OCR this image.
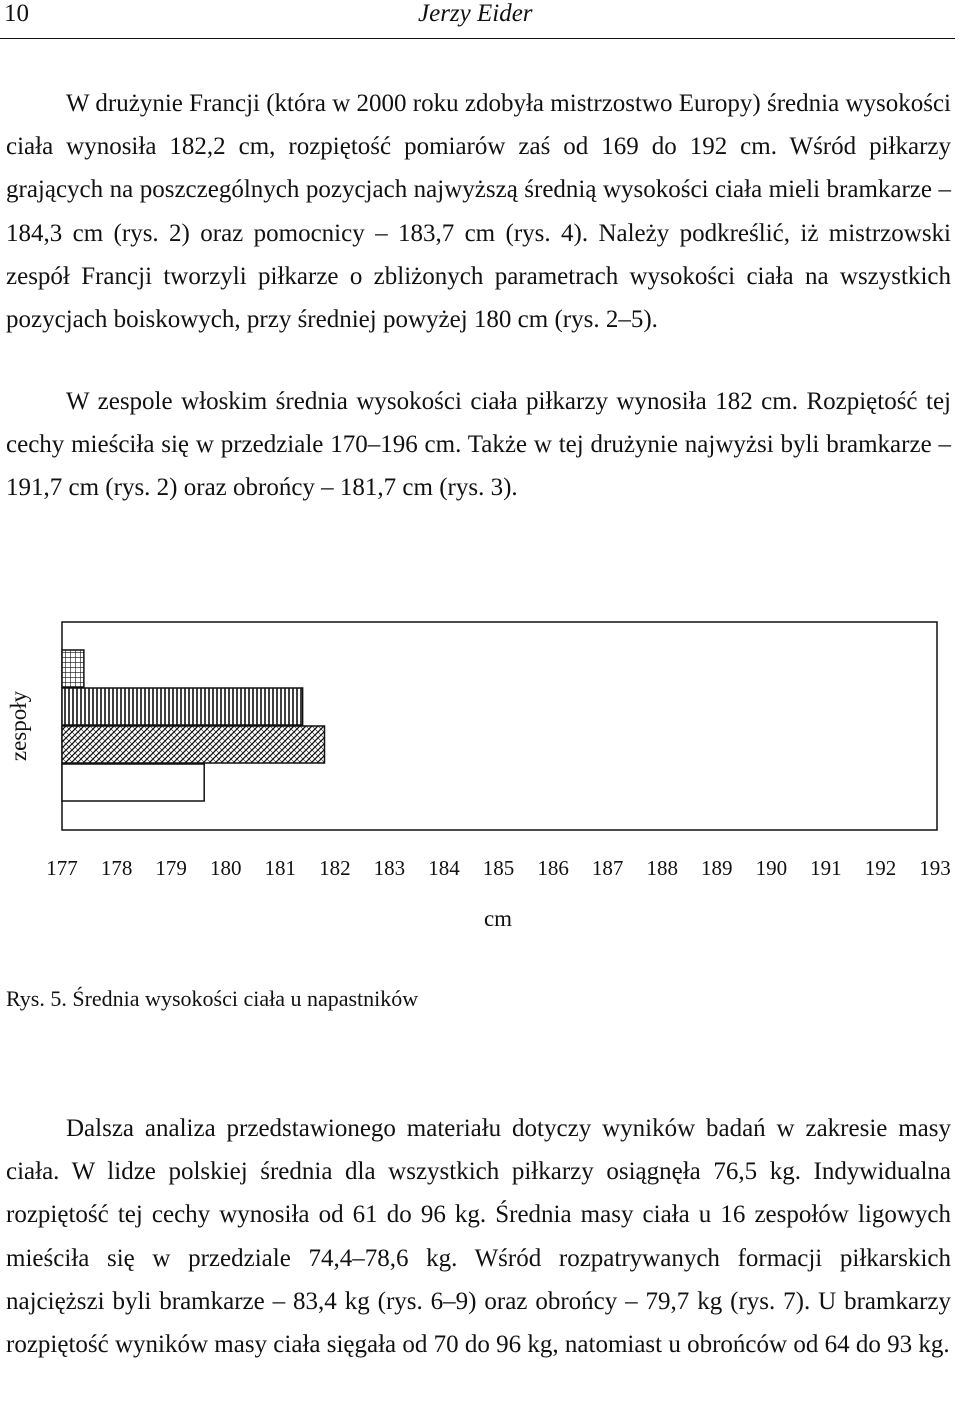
10	Jerzy Eider

W drużynie Francji (która w 2000 roku zdobyła mistrzostwo Europy) średnia wysokości ciała wynosiła 182,2 cm, rozpiętość pomiarów zaś od 169 do 192 cm. Wśród piłkarzy grających na poszczególnych pozycjach najwyższą średnią wysokości ciała mieli bramkarze – 184,3 cm (rys. 2) oraz pomocnicy – 183,7 cm (rys. 4). Należy podkreślić, iż mistrzowski zespół Francji tworzyli piłkarze o zbliżonych parametrach wysokości ciała na wszystkich pozycjach boiskowych, przy średniej powyżej 180 cm (rys. 2–5).

W zespole włoskim średnia wysokości ciała piłkarzy wynosiła 182 cm. Rozpiętość tej cechy mieściła się w przedziale 170–196 cm. Także w tej drużynie najwyżsi byli bramkarze – 191,7 cm (rys. 2) oraz obrońcy – 181,7 cm (rys. 3).

177 178 179 180 181 182 183 184 185 186 187 188 189 190 191 192 193
zespoły
cm
Rys. 5. Średnia wysokości ciała u napastników

Dalsza analiza przedstawionego materiału dotyczy wyników badań w zakresie masy ciała. W lidze polskiej średnia dla wszystkich piłkarzy osiągnęła 76,5 kg. Indywidualna rozpiętość tej cechy wynosiła od 61 do 96 kg. Średnia masy ciała u 16 zespołów ligowych mieściła się w przedziale 74,4–78,6 kg. Wśród rozpatrywanych formacji piłkarskich najcięższi byli bramkarze – 83,4 kg (rys. 6–9) oraz obrońcy – 79,7 kg (rys. 7). U bramkarzy rozpiętość wyników masy ciała sięgała od 70 do 96 kg, natomiast u obrońców od 64 do 93 kg.
